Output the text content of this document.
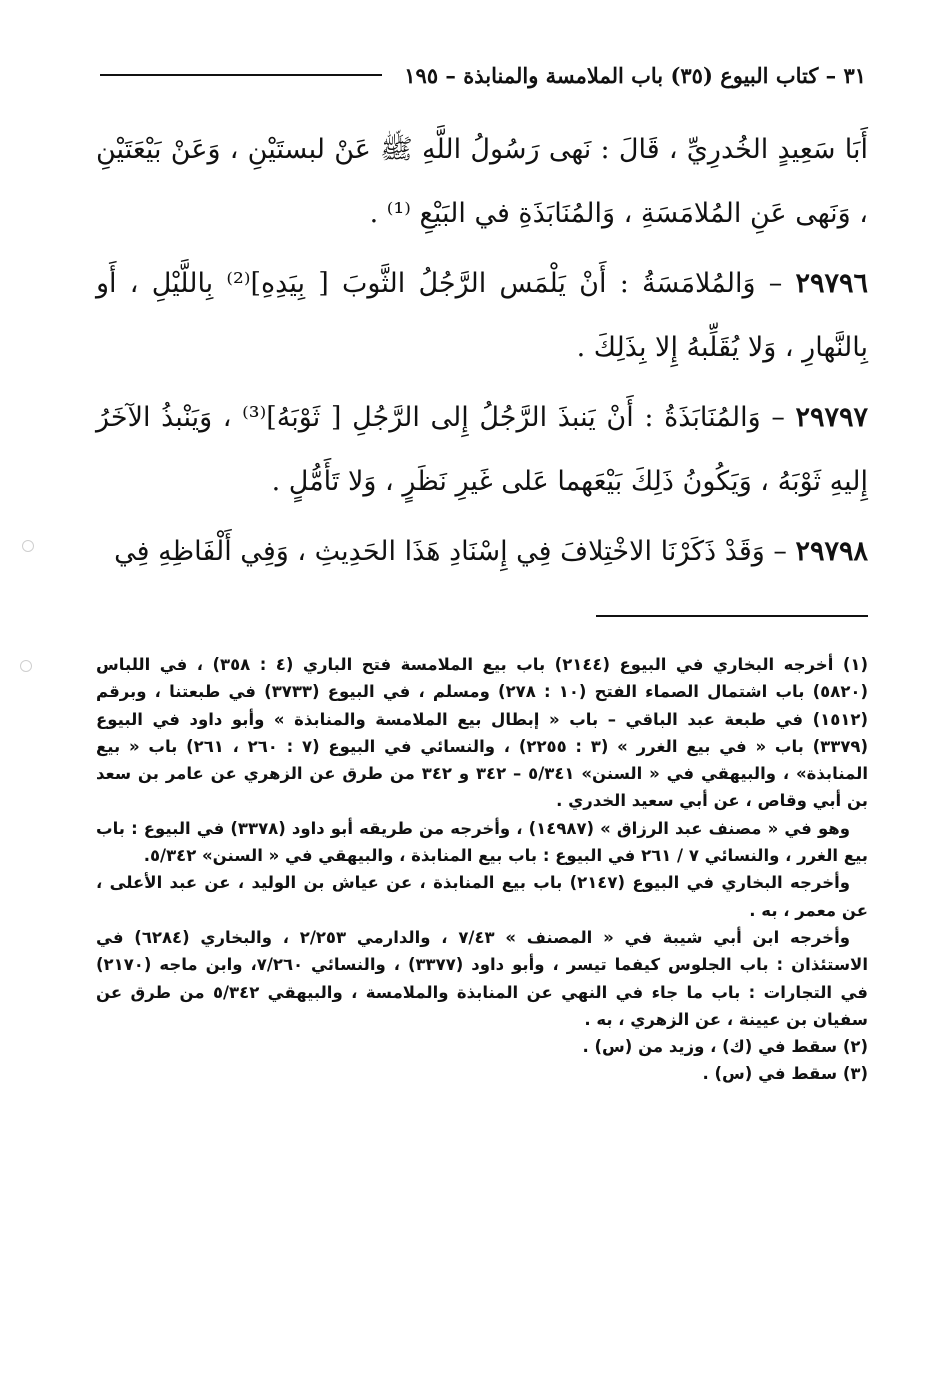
٣١ – كتاب البيوع (٣٥) باب الملامسة والمنابذة – ١٩٥

أَبَا سَعِيدٍ الخُدرِيِّ ، قَالَ : نَهى رَسُولُ اللَّهِ ﷺ عَنْ لبستَيْنِ ، وَعَنْ بَيْعَتَيْنِ ، وَنَهى عَنِ المُلامَسَةِ ، وَالمُنَابَذَةِ في البَيْعِ ⁽¹⁾ .

٢٩٧٩٦ – وَالمُلامَسَةُ : أَنْ يَلْمَس الرَّجُلُ الثَّوبَ [ بِيَدِهِ]⁽²⁾ بِاللَّيْلِ ، أَو بِالنَّهارِ ، وَلا يُقَلِّبهُ إِلا بِذَلِكَ .

٢٩٧٩٧ – وَالمُنَابَذَةُ : أَنْ يَنبذَ الرَّجُلُ إِلى الرَّجُلِ [ ثَوْبَهُ]⁽³⁾ ، وَيَنْبذُ الآخَرُ إِليهِ ثَوْبَهُ ، وَيَكُونُ ذَلِكَ بَيْعَهما عَلى غَيرِ نَظَرٍ ، وَلا تَأَمُّلٍ .

٢٩٧٩٨ – وَقَدْ ذَكَرْنَا الاخْتِلافَ فِي إِسْنَادِ هَذَا الحَدِيثِ ، وَفِي أَلْفَاظِهِ فِي

(١) أخرجه البخاري في البيوع (٢١٤٤) باب بيع الملامسة فتح الباري (٤ : ٣٥٨) ، في اللباس (٥٨٢٠) باب اشتمال الصماء الفتح (١٠ : ٢٧٨) ومسلم ، في البيوع (٣٧٣٣) في طبعتنا ، وبرقم (١٥١٢) في طبعة عبد الباقي – باب « إبطال بيع الملامسة والمنابذة » وأبو داود في البيوع (٣٣٧٩) باب « في بيع الغرر » (٣ : ٢٢٥٥) ، والنسائي في البيوع (٧ : ٢٦٠ ، ٢٦١) باب « بيع المنابذة» ، والبيهقي في « السنن» ٥/٣٤١ – ٣٤٢ و ٣٤٢ من طرق عن الزهري عن عامر بن سعد بن أبي وقاص ، عن أبي سعيد الخدري .

وهو في « مصنف عبد الرزاق » (١٤٩٨٧) ، وأخرجه من طريقه أبو داود (٣٣٧٨) في البيوع : باب بيع الغرر ، والنسائي ٧ / ٢٦١ في البيوع : باب بيع المنابذة ، والبيهقي في « السنن» ٥/٣٤٢.

وأخرجه البخاري في البيوع (٢١٤٧) باب بيع المنابذة ، عن عياش بن الوليد ، عن عبد الأعلى ، عن معمر ، به .

وأخرجه ابن أبي شيبة في « المصنف » ٧/٤٣ ، والدارمي ٢/٢٥٣ ، والبخاري (٦٢٨٤) في الاستئذان : باب الجلوس كيفما تيسر ، وأبو داود (٣٣٧٧) ، والنسائي ٧/٢٦٠، وابن ماجه (٢١٧٠) في التجارات : باب ما جاء في النهي عن المنابذة والملامسة ، والبيهقي ٥/٣٤٢ من طرق عن سفيان بن عيينة ، عن الزهري ، به .

(٢) سقط في (ك) ، وزيد من (س) .

(٣) سقط في (س) .
